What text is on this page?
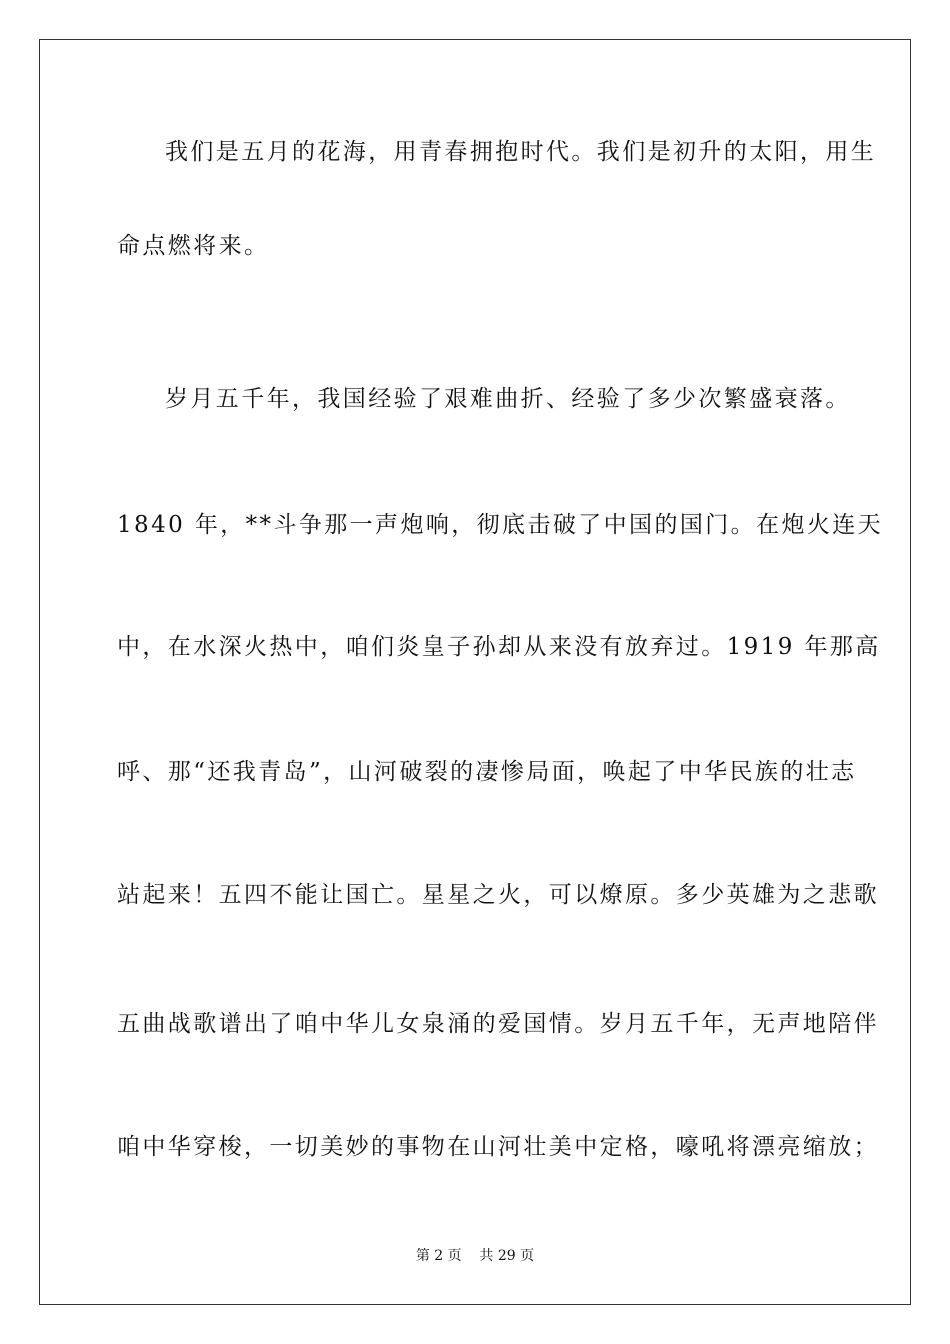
我们是五月的花海，用青春拥抱时代。我们是初升的太阳，用生
命点燃将来。
岁月五千年，我国经验了艰难曲折、经验了多少次繁盛衰落。
1840 年，**斗争那一声炮响，彻底击破了中国的国门。在炮火连天
中，在水深火热中，咱们炎皇子孙却从来没有放弃过。1919 年那高
呼、那“还我青岛”，山河破裂的凄惨局面，唤起了中华民族的壮志
站起来！五四不能让国亡。星星之火，可以燎原。多少英雄为之悲歌
五曲战歌谱出了咱中华儿女泉涌的爱国情。岁月五千年，无声地陪伴
咱中华穿梭，一切美妙的事物在山河壮美中定格，嚎吼将漂亮缩放；
第 2 页    共 29 页
